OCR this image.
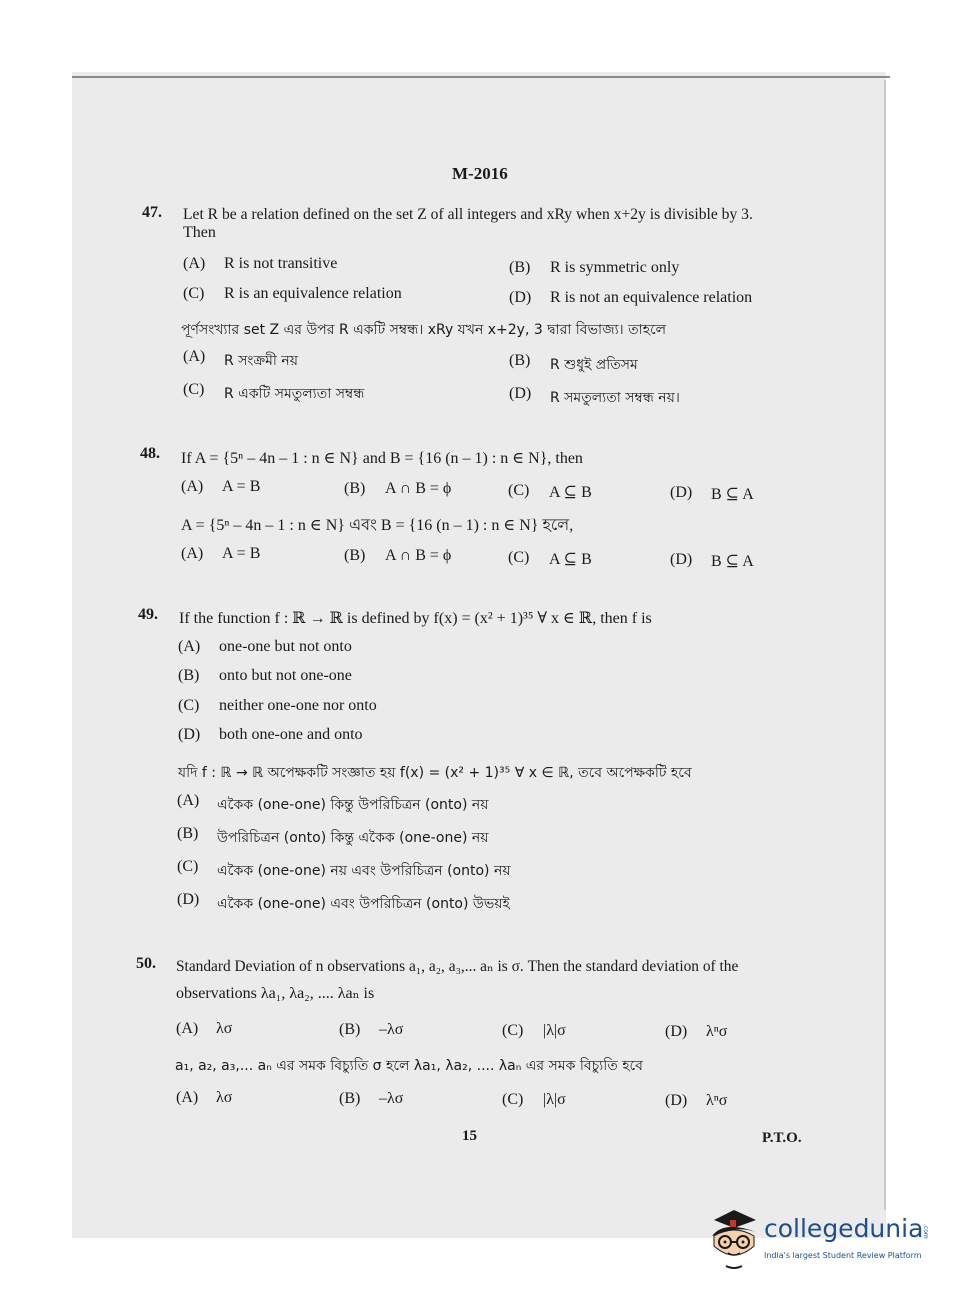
M-2016
47. Let R be a relation defined on the set Z of all integers and xRy when x+2y is divisible by 3.
Then
(A) R is not transitive	(B) R is symmetric only
(C) R is an equivalence relation	(D) R is not an equivalence relation
পূর্ণসংখ্যার set Z এর উপর R একটি সম্বন্ধ। xRy যখন x+2y, 3 দ্বারা বিভাজ্য। তাহলে
(A) R সংক্রমী নয়	(B) R শুধুই প্রতিসম
(C) R একটি সমতুল্যতা সম্বন্ধ	(D) R সমতুল্যতা সম্বন্ধ নয়।
48. If A = {5ⁿ – 4n – 1 : n ∈ N} and B = {16 (n – 1) : n ∈ N}, then
(A) A = B	(B) A ∩ B = ϕ	(C) A ⊆ B	(D) B ⊆ A
A = {5ⁿ – 4n – 1 : n ∈ N} এবং B = {16 (n – 1) : n ∈ N} হলে,
(A) A = B	(B) A ∩ B = ϕ	(C) A ⊆ B	(D) B ⊆ A
49. If the function f : ℝ → ℝ is defined by f(x) = (x² + 1)³⁵ ∀ x ∈ ℝ, then f is
(A) one-one but not onto
(B) onto but not one-one
(C) neither one-one nor onto
(D) both one-one and onto
যদি f : ℝ → ℝ অপেক্ষকটি সংজ্ঞাত হয় f(x) = (x² + 1)³⁵ ∀ x ∈ ℝ, তবে অপেক্ষকটি হবে
(A) একৈক (one-one) কিন্তু উপরিচিত্রন (onto) নয়
(B) উপরিচিত্রন (onto) কিন্তু একৈক (one-one) নয়
(C) একৈক (one-one) নয় এবং উপরিচিত্রন (onto) নয়
(D) একৈক (one-one) এবং উপরিচিত্রন (onto) উভয়ই
50. Standard Deviation of n observations a₁, a₂, a₃,... aₙ is σ. Then the standard deviation of the
observations λa₁, λa₂, .... λaₙ is
(A) λσ	(B) –λσ	(C) |λ|σ	(D) λⁿσ
a₁, a₂, a₃,... aₙ এর সমক বিচ্যুতি σ হলে λa₁, λa₂, .... λaₙ এর সমক বিচ্যুতি হবে
(A) λσ	(B) –λσ	(C) |λ|σ	(D) λⁿσ
15	P.T.O.
collegedunia
.com
India's largest Student Review Platform
